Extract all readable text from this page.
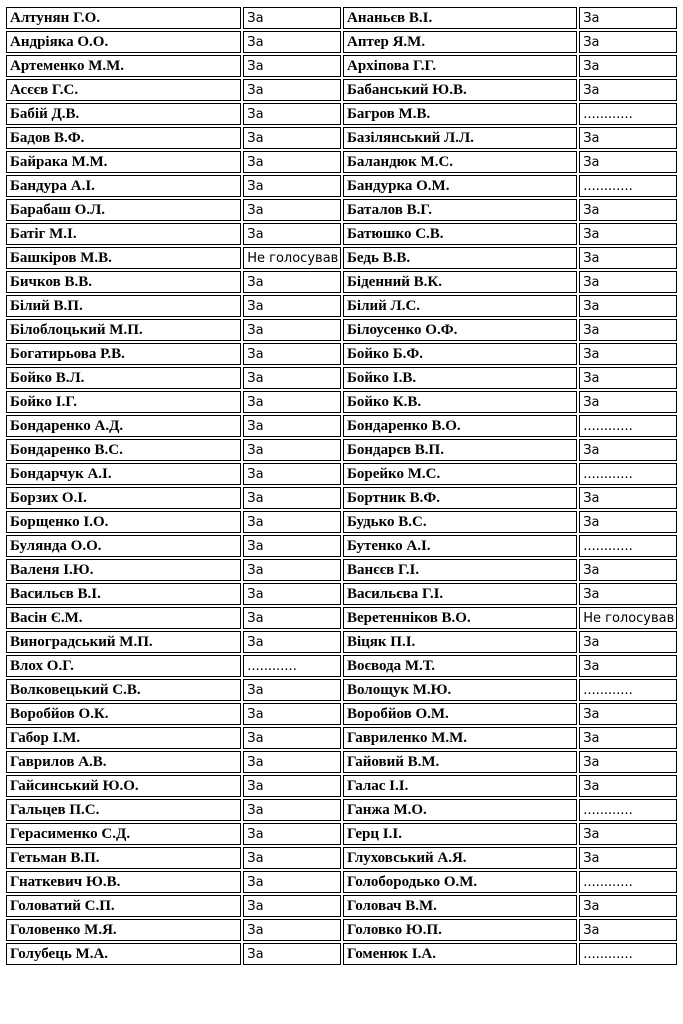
Алтунян Г.О.	За	Ананьєв В.І.	За
Андріяка О.О.	За	Аптер Я.М.	За
Артеменко М.М.	За	Архіпова Г.Г.	За
Асєєв Г.С.	За	Бабанський Ю.В.	За
Бабій Д.В.	За	Багров М.В.	............
Бадов В.Ф.	За	Базілянський Л.Л.	За
Байрака М.М.	За	Баландюк М.С.	За
Бандура А.І.	За	Бандурка О.М.	............
Барабаш О.Л.	За	Баталов В.Г.	За
Батіг М.І.	За	Батюшко С.В.	За
Башкіров М.В.	Не голосував	Бедь В.В.	За
Бичков В.В.	За	Біденний В.К.	За
Білий В.П.	За	Білий Л.С.	За
Білоблоцький М.П.	За	Білоусенко О.Ф.	За
Богатирьова Р.В.	За	Бойко Б.Ф.	За
Бойко В.Л.	За	Бойко І.В.	За
Бойко І.Г.	За	Бойко К.В.	За
Бондаренко А.Д.	За	Бондаренко В.О.	............
Бондаренко В.С.	За	Бондарєв В.П.	За
Бондарчук А.І.	За	Борейко М.С.	............
Борзих О.І.	За	Бортник В.Ф.	За
Борщенко І.О.	За	Будько В.С.	За
Булянда О.О.	За	Бутенко А.І.	............
Валеня І.Ю.	За	Ванєєв Г.І.	За
Васильєв В.І.	За	Васильєва Г.І.	За
Васін Є.М.	За	Веретенніков В.О.	Не голосував
Виноградський М.П.	За	Віцяк П.І.	За
Влох О.Г.	............	Воєвода М.Т.	За
Волковецький С.В.	За	Волощук М.Ю.	............
Воробйов О.К.	За	Воробйов О.М.	За
Габор І.М.	За	Гавриленко М.М.	За
Гаврилов А.В.	За	Гайовий В.М.	За
Гайсинський Ю.О.	За	Галас І.І.	За
Гальцев П.С.	За	Ганжа М.О.	............
Герасименко С.Д.	За	Герц І.І.	За
Гетьман В.П.	За	Глуховський А.Я.	За
Гнаткевич Ю.В.	За	Голобородько О.М.	............
Головатий С.П.	За	Головач В.М.	За
Головенко М.Я.	За	Головко Ю.П.	За
Голубець М.А.	За	Гоменюк І.А.	............
